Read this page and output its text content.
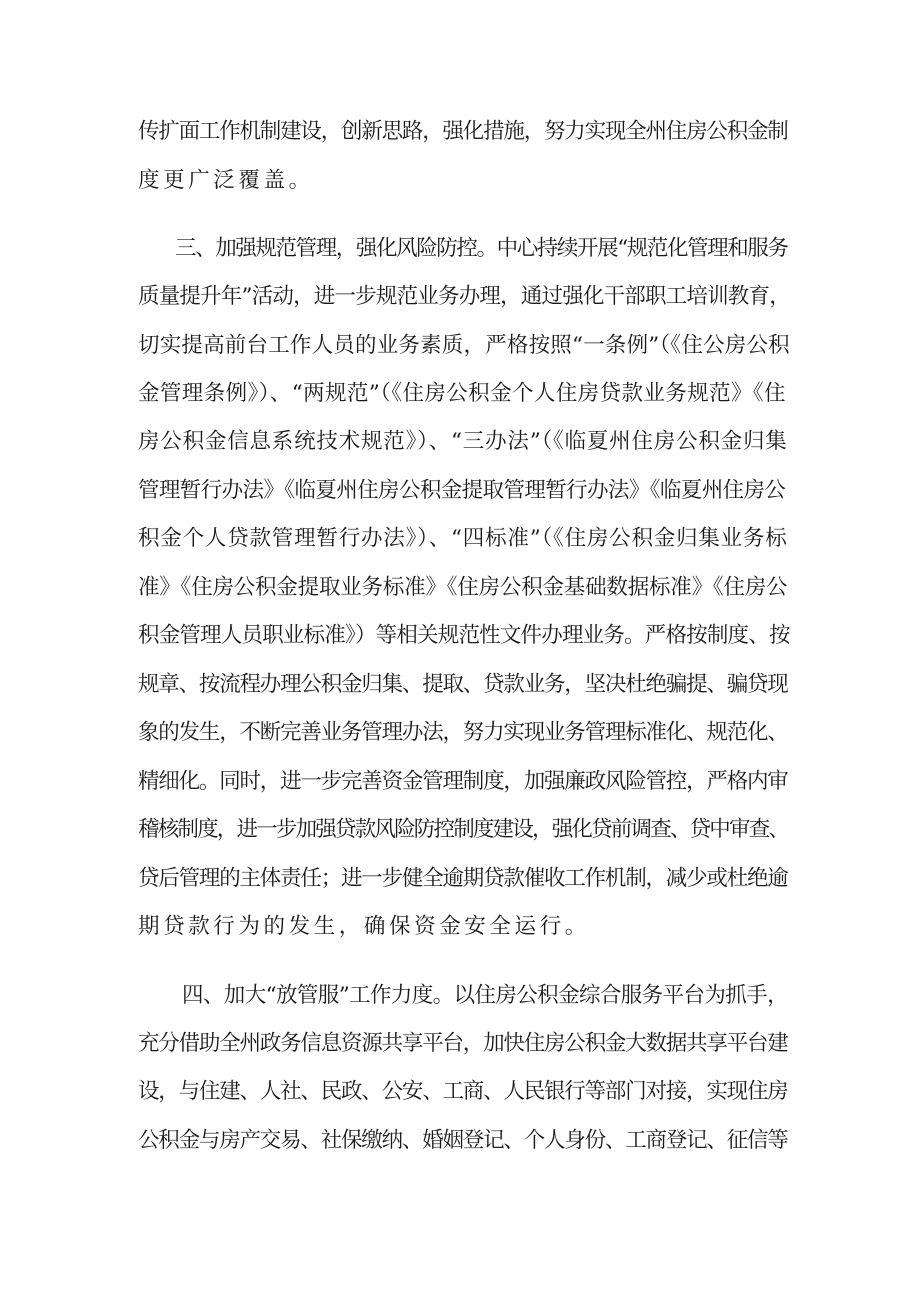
传扩面工作机制建设，创新思路，强化措施，努力实现全州住房公积金制
度更广泛覆盖。
三、加强规范管理，强化风险防控。中心持续开展“规范化管理和服务
质量提升年”活动，进一步规范业务办理，通过强化干部职工培训教育，
切实提高前台工作人员的业务素质，严格按照“一条例”（《住公房公积
金管理条例》）、“两规范”（《住房公积金个人住房贷款业务规范》《住
房公积金信息系统技术规范》）、“三办法”（《临夏州住房公积金归集
管理暂行办法》《临夏州住房公积金提取管理暂行办法》《临夏州住房公
积金个人贷款管理暂行办法》）、“四标准”（《住房公积金归集业务标
准》《住房公积金提取业务标准》《住房公积金基础数据标准》《住房公
积金管理人员职业标准》）等相关规范性文件办理业务。严格按制度、按
规章、按流程办理公积金归集、提取、贷款业务，坚决杜绝骗提、骗贷现
象的发生，不断完善业务管理办法，努力实现业务管理标准化、规范化、
精细化。同时，进一步完善资金管理制度，加强廉政风险管控，严格内审
稽核制度，进一步加强贷款风险防控制度建设，强化贷前调查、贷中审查、
贷后管理的主体责任；进一步健全逾期贷款催收工作机制，减少或杜绝逾
期贷款行为的发生，确保资金安全运行。
四、加大“放管服”工作力度。以住房公积金综合服务平台为抓手，
充分借助全州政务信息资源共享平台，加快住房公积金大数据共享平台建
设，与住建、人社、民政、公安、工商、人民银行等部门对接，实现住房
公积金与房产交易、社保缴纳、婚姻登记、个人身份、工商登记、征信等
